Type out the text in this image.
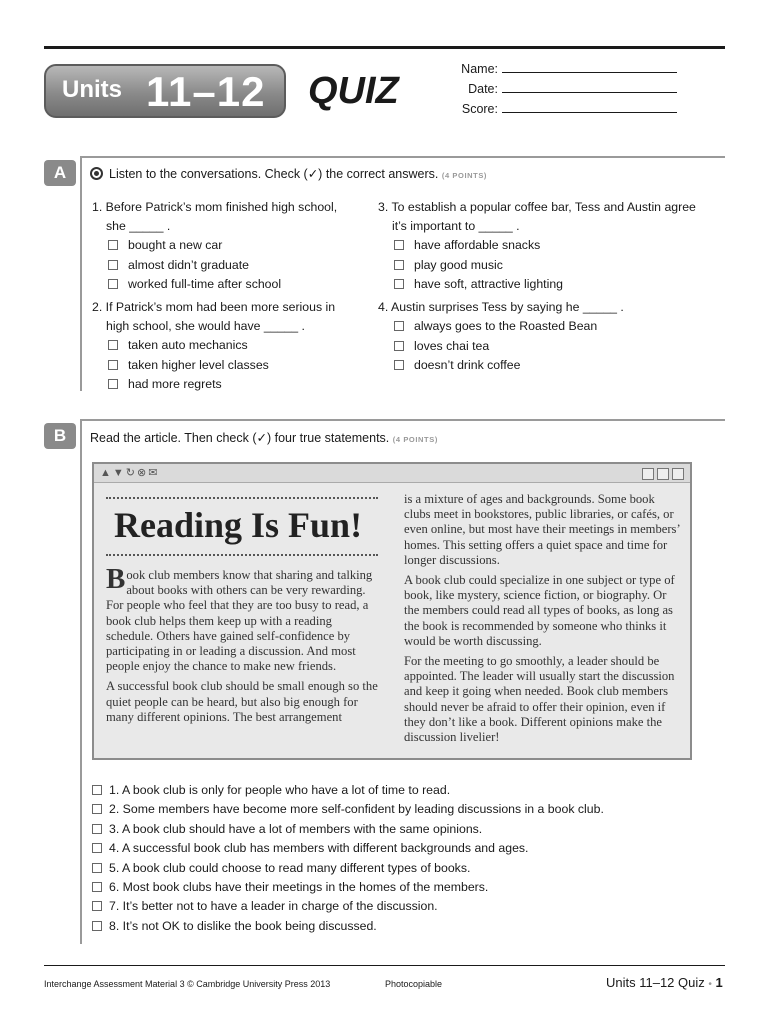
Units 11–12 QUIZ
Name:
Date:
Score:
A	Listen to the conversations. Check (✓) the correct answers. (4 POINTS)
1. Before Patrick’s mom finished high school,
she _____ .
bought a new car
almost didn’t graduate
worked full-time after school
2. If Patrick’s mom had been more serious in
high school, she would have _____ .
taken auto mechanics
taken higher level classes
had more regrets
3. To establish a popular coffee bar, Tess and Austin agree
it’s important to _____ .
have affordable snacks
play good music
have soft, attractive lighting
4. Austin surprises Tess by saying he _____ .
always goes to the Roasted Bean
loves chai tea
doesn’t drink coffee
B	Read the article. Then check (✓) four true statements. (4 POINTS)
▲▼↻⊗✉
Reading Is Fun!

Book club members know that sharing and talking about books with others can be very rewarding. For people who feel that they are too busy to read, a book club helps them keep up with a reading schedule. Others have gained self-confidence by participating in or leading a discussion. And most people enjoy the chance to make new friends.

A successful book club should be small enough so the quiet people can be heard, but also big enough for many different opinions. The best arrangement

is a mixture of ages and backgrounds. Some book clubs meet in bookstores, public libraries, or cafés, or even online, but most have their meetings in members’ homes. This setting offers a quiet space and time for longer discussions.

A book club could specialize in one subject or type of book, like mystery, science fiction, or biography. Or the members could read all types of books, as long as the book is recommended by someone who thinks it would be worth discussing.

For the meeting to go smoothly, a leader should be appointed. The leader will usually start the discussion and keep it going when needed. Book club members should never be afraid to offer their opinion, even if they don’t like a book. Different opinions make the discussion livelier!

1. A book club is only for people who have a lot of time to read.
2. Some members have become more self-confident by leading discussions in a book club.
3. A book club should have a lot of members with the same opinions.
4. A successful book club has members with different backgrounds and ages.
5. A book club could choose to read many different types of books.
6. Most book clubs have their meetings in the homes of the members.
7. It’s better not to have a leader in charge of the discussion.
8. It’s not OK to dislike the book being discussed.
Interchange Assessment Material 3 © Cambridge University Press 2013	Photocopiable	Units 11–12 Quiz • 1
